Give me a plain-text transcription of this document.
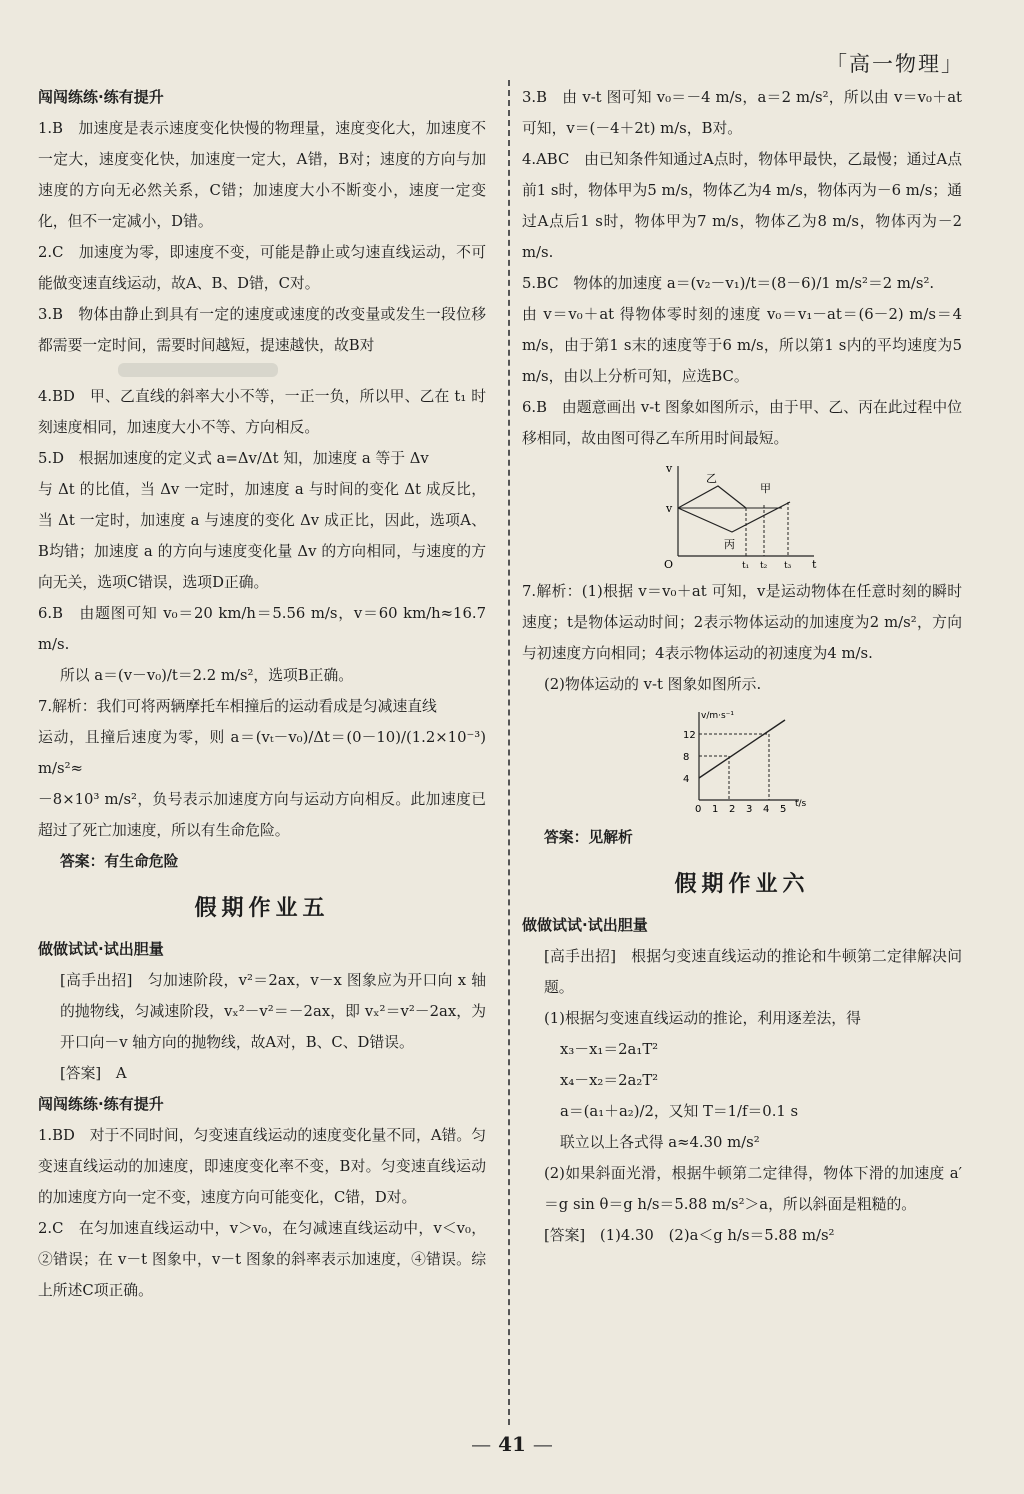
「高一物理」

闯闯练练·练有提升

1.B　加速度是表示速度变化快慢的物理量，速度变化大，加速度不一定大，速度变化快，加速度一定大，A错，B对；速度的方向与加速度的方向无必然关系，C错；加速度大小不断变小，速度一定变化，但不一定减小，D错。

2.C　加速度为零，即速度不变，可能是静止或匀速直线运动，不可能做变速直线运动，故A、B、D错，C对。

3.B　物体由静止到具有一定的速度或速度的改变量或发生一段位移都需要一定时间，需要时间越短，提速越快，故B对

4.BD　甲、乙直线的斜率大小不等，一正一负，所以甲、乙在 t₁ 时刻速度相同，加速度大小不等、方向相反。

5.D　根据加速度的定义式 a=Δv/Δt 知，加速度 a 等于 Δv

与 Δt 的比值，当 Δv 一定时，加速度 a 与时间的变化 Δt 成反比，当 Δt 一定时，加速度 a 与速度的变化 Δv 成正比，因此，选项A、B均错；加速度 a 的方向与速度变化量 Δv 的方向相同，与速度的方向无关，选项C错误，选项D正确。

6.B　由题图可知 v₀＝20 km/h＝5.56 m/s，v＝60 km/h≈16.7 m/s.

所以 a＝(v－v₀)/t＝2.2 m/s²，选项B正确。

7.解析：我们可将两辆摩托车相撞后的运动看成是匀减速直线

运动，且撞后速度为零，则 a＝(vₜ－v₀)/Δt＝(0－10)/(1.2×10⁻³) m/s²≈

－8×10³ m/s²，负号表示加速度方向与运动方向相反。此加速度已超过了死亡加速度，所以有生命危险。

答案：有生命危险

假期作业五

做做试试·试出胆量

[高手出招]　匀加速阶段，v²＝2ax，v－x 图象应为开口向 x 轴的抛物线，匀减速阶段，vₓ²－v²＝－2ax，即 vₓ²＝v²－2ax，为开口向－v 轴方向的抛物线，故A对，B、C、D错误。

[答案]　A

闯闯练练·练有提升

1.BD　对于不同时间，匀变速直线运动的速度变化量不同，A错。匀变速直线运动的加速度，即速度变化率不变，B对。匀变速直线运动的加速度方向一定不变，速度方向可能变化，C错，D对。

2.C　在匀加速直线运动中，v＞v₀，在匀减速直线运动中，v＜v₀，②错误；在 v－t 图象中，v－t 图象的斜率表示加速度，④错误。综上所述C项正确。

3.B　由 v-t 图可知 v₀＝－4 m/s，a＝2 m/s²，所以由 v＝v₀＋at 可知，v＝(－4＋2t) m/s，B对。

4.ABC　由已知条件知通过A点时，物体甲最快，乙最慢；通过A点前1 s时，物体甲为5 m/s，物体乙为4 m/s，物体丙为－6 m/s；通过A点后1 s时，物体甲为7 m/s，物体乙为8 m/s，物体丙为－2 m/s.

5.BC　物体的加速度 a＝(v₂－v₁)/t＝(8－6)/1 m/s²＝2 m/s².

由 v＝v₀＋at 得物体零时刻的速度 v₀＝v₁－at＝(6－2) m/s＝4 m/s，由于第1 s末的速度等于6 m/s，所以第1 s内的平均速度为5 m/s，由以上分析可知，应选BC。

6.B　由题意画出 v-t 图象如图所示，由于甲、乙、丙在此过程中位移相同，故由图可得乙车所用时间最短。

v
v
t
O
乙
甲
丙
t₁ t₂ t₃

7.解析：(1)根据 v＝v₀＋at 可知，v是运动物体在任意时刻的瞬时速度；t是物体运动时间；2表示物体运动的加速度为2 m/s²，方向与初速度方向相同；4表示物体运动的初速度为4 m/s.

(2)物体运动的 v-t 图象如图所示.

v/m·s⁻¹
t/s
12
8
4
0 1 2 3 4 5

答案：见解析

假期作业六

做做试试·试出胆量

[高手出招]　根据匀变速直线运动的推论和牛顿第二定律解决问题。

(1)根据匀变速直线运动的推论，利用逐差法，得

x₃－x₁＝2a₁T²

x₄－x₂＝2a₂T²

a＝(a₁＋a₂)/2，又知 T＝1/f＝0.1 s

联立以上各式得 a≈4.30 m/s²

(2)如果斜面光滑，根据牛顿第二定律得，物体下滑的加速度 a′＝g sin θ＝g h/s＝5.88 m/s²＞a，所以斜面是粗糙的。

[答案]　(1)4.30　(2)a＜g h/s＝5.88 m/s²

— 41 —
